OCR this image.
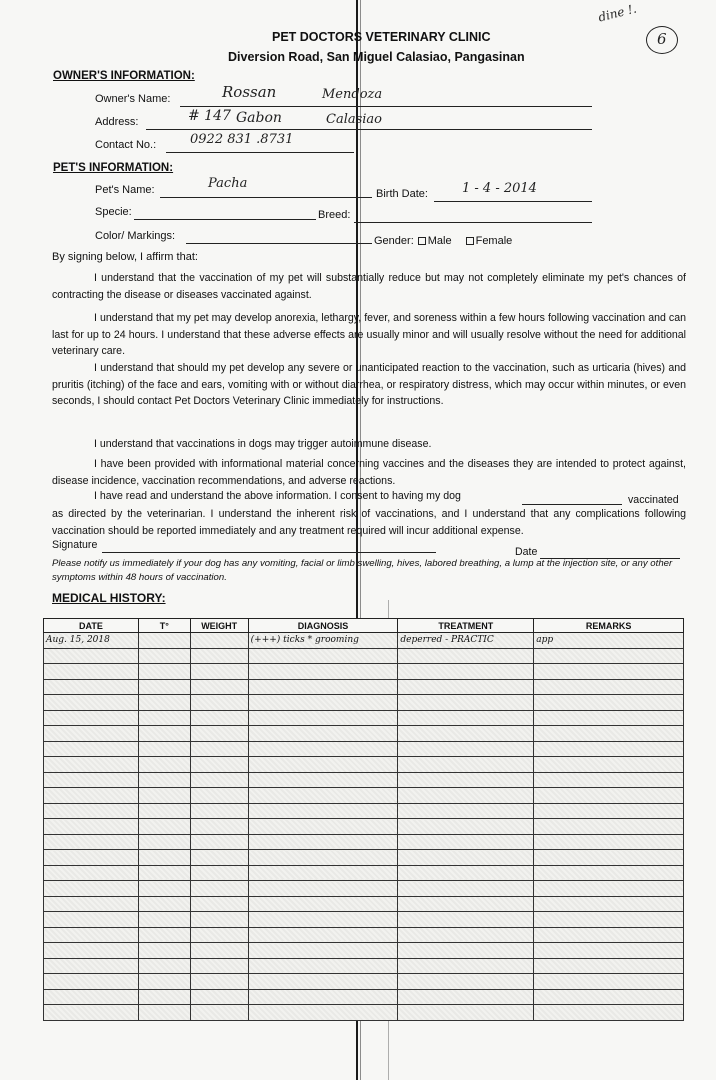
PET DOCTORS VETERINARY CLINIC
Diversion Road, San Miguel Calasiao, Pangasinan
dine !.
6
OWNER'S INFORMATION:
Owner's Name:	Rossan	Mendoza
Address:	# 147 Gabon	Calasiao
Contact No.:	0922 831 .8731
PET'S INFORMATION:
Pet's Name:	Pacha
Birth Date:	1 - 4 - 2014
Specie:	Breed:
Color/ Markings:	Gender: Male Female
By signing below, I affirm that:
I understand that the vaccination of my pet will substantially reduce but may not completely eliminate my pet's chances of contracting the disease or diseases vaccinated against.
I understand that my pet may develop anorexia, lethargy, fever, and soreness within a few hours following vaccination and can last for up to 24 hours. I understand that these adverse effects are usually minor and will usually resolve without the need for additional veterinary care.
I understand that should my pet develop any severe or unanticipated reaction to the vaccination, such as urticaria (hives) and pruritis (itching) of the face and ears, vomiting with or without diarrhea, or respiratory distress, which may occur within minutes, or even seconds, I should contact Pet Doctors Veterinary Clinic immediately for instructions.
I understand that vaccinations in dogs may trigger autoimmune disease.
I have been provided with informational material concerning vaccines and the diseases they are intended to protect against, disease incidence, vaccination recommendations, and adverse reactions.
I have read and understand the above information. I consent to having my dog	vaccinated
as directed by the veterinarian. I understand the inherent risk of vaccinations, and I understand that any complications following vaccination should be reported immediately and any treatment required will incur additional expense.
Signature
Date
Please notify us immediately if your dog has any vomiting, facial or limb swelling, hives, labored breathing, a lump at the injection site, or any other symptoms within 48 hours of vaccination.
MEDICAL HISTORY:
DATE	T°	WEIGHT	DIAGNOSIS	TREATMENT	REMARKS
Aug. 15, 2018			(+++) ticks * grooming	deperred - PRACTIC	app
